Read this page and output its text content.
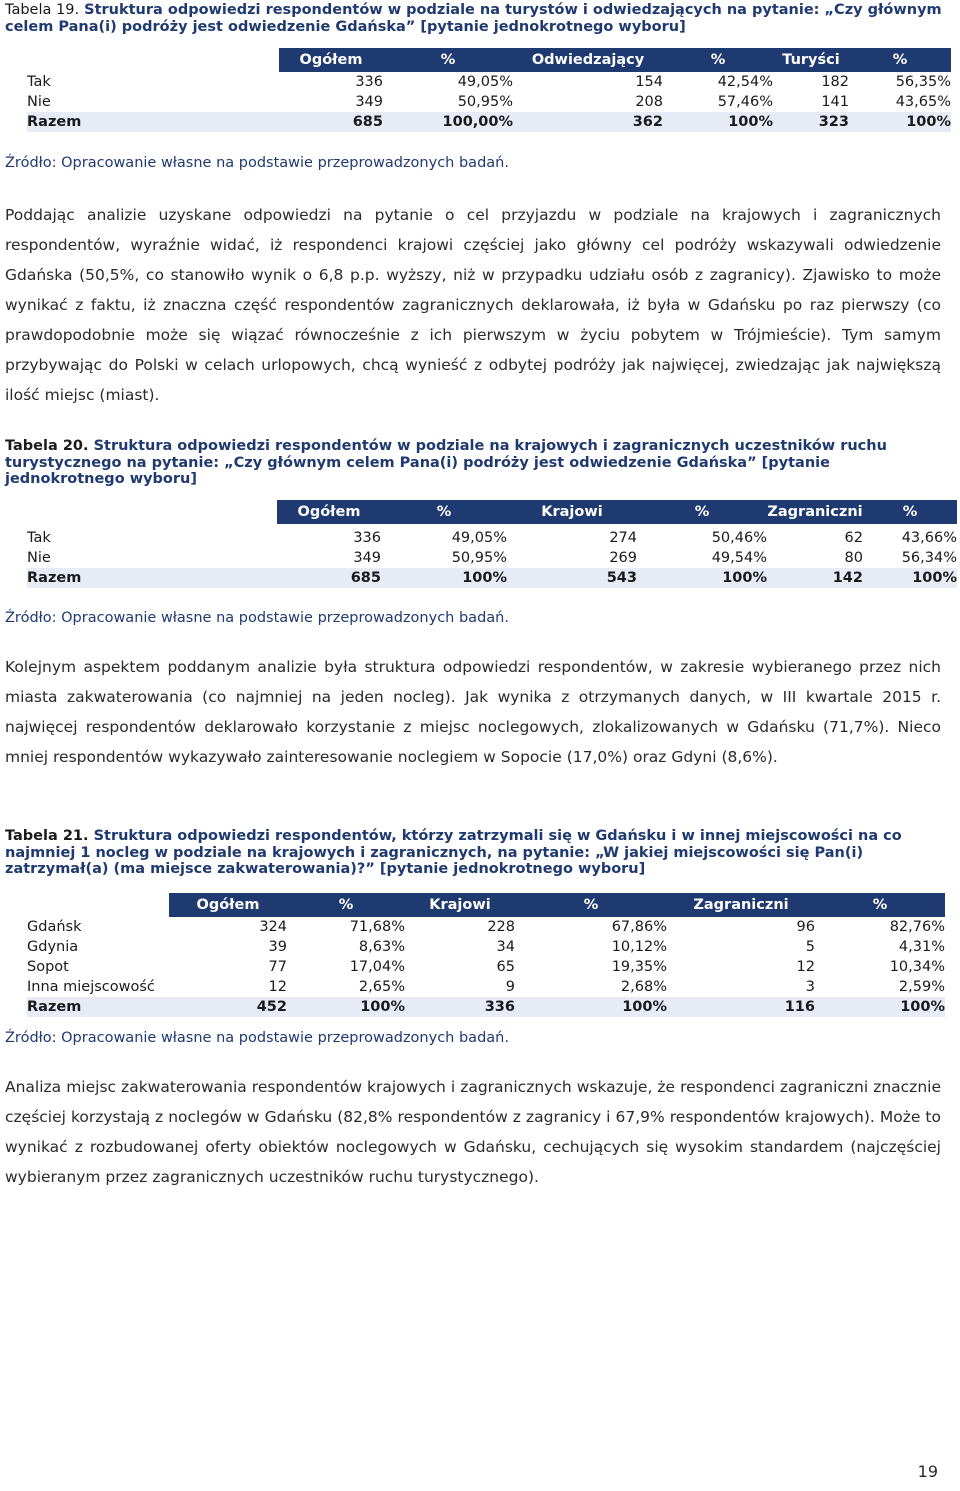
Tabela 19. Struktura odpowiedzi respondentów w podziale na turystów i odwiedzających na pytanie: „Czy głównym celem Pana(i) podróży jest odwiedzenie Gdańska” [pytanie jednokrotnego wyboru]
	Ogółem	%	Odwiedzający	%	Turyści	%
Tak	336	49,05%	154	42,54%	182	56,35%
Nie	349	50,95%	208	57,46%	141	43,65%
Razem	685	100,00%	362	100%	323	100%
Źródło: Opracowanie własne na podstawie przeprowadzonych badań.
Poddając analizie uzyskane odpowiedzi na pytanie o cel przyjazdu w podziale na krajowych i zagranicznych respondentów, wyraźnie widać, iż respondenci krajowi częściej jako główny cel podróży wskazywali odwiedzenie Gdańska (50,5%, co stanowiło wynik o 6,8 p.p. wyższy, niż w przypadku udziału osób z zagranicy). Zjawisko to może wynikać z faktu, iż znaczna część respondentów zagranicznych deklarowała, iż była w Gdańsku po raz pierwszy (co prawdopodobnie może się wiązać równocześnie z ich pierwszym w życiu pobytem w Trójmieście). Tym samym przybywając do Polski w celach urlopowych, chcą wynieść z odbytej podróży jak najwięcej, zwiedzając jak największą ilość miejsc (miast).
Tabela 20. Struktura odpowiedzi respondentów w podziale na krajowych i zagranicznych uczestników ruchu turystycznego na pytanie: „Czy głównym celem Pana(i) podróży jest odwiedzenie Gdańska” [pytanie jednokrotnego wyboru]
	Ogółem	%	Krajowi	%	Zagraniczni	%

Tak	336	49,05%	274	50,46%	62	43,66%
Nie	349	50,95%	269	49,54%	80	56,34%
Razem	685	100%	543	100%	142	100%
Źródło: Opracowanie własne na podstawie przeprowadzonych badań.
Kolejnym aspektem poddanym analizie była struktura odpowiedzi respondentów, w zakresie wybieranego przez nich miasta zakwaterowania (co najmniej na jeden nocleg). Jak wynika z otrzymanych danych, w III kwartale 2015 r. najwięcej respondentów deklarowało korzystanie z miejsc noclegowych, zlokalizowanych w Gdańsku (71,7%). Nieco mniej respondentów wykazywało zainteresowanie noclegiem w Sopocie (17,0%) oraz Gdyni (8,6%).
Tabela 21. Struktura odpowiedzi respondentów, którzy zatrzymali się w Gdańsku i w innej miejscowości na co najmniej 1 nocleg w podziale na krajowych i zagranicznych, na pytanie: „W jakiej miejscowości się Pan(i) zatrzymał(a) (ma miejsce zakwaterowania)?” [pytanie jednokrotnego wyboru]
	Ogółem	%	Krajowi	%	Zagraniczni	%
Gdańsk	324	71,68%	228	67,86%	96	82,76%
Gdynia	39	8,63%	34	10,12%	5	4,31%
Sopot	77	17,04%	65	19,35%	12	10,34%
Inna miejscowość	12	2,65%	9	2,68%	3	2,59%
Razem	452	100%	336	100%	116	100%
Źródło: Opracowanie własne na podstawie przeprowadzonych badań.
Analiza miejsc zakwaterowania respondentów krajowych i zagranicznych wskazuje, że respondenci zagraniczni znacznie częściej korzystają z noclegów w Gdańsku (82,8% respondentów z zagranicy i 67,9% respondentów krajowych). Może to wynikać z rozbudowanej oferty obiektów noclegowych w Gdańsku, cechujących się wysokim standardem (najczęściej wybieranym przez zagranicznych uczestników ruchu turystycznego).
19
